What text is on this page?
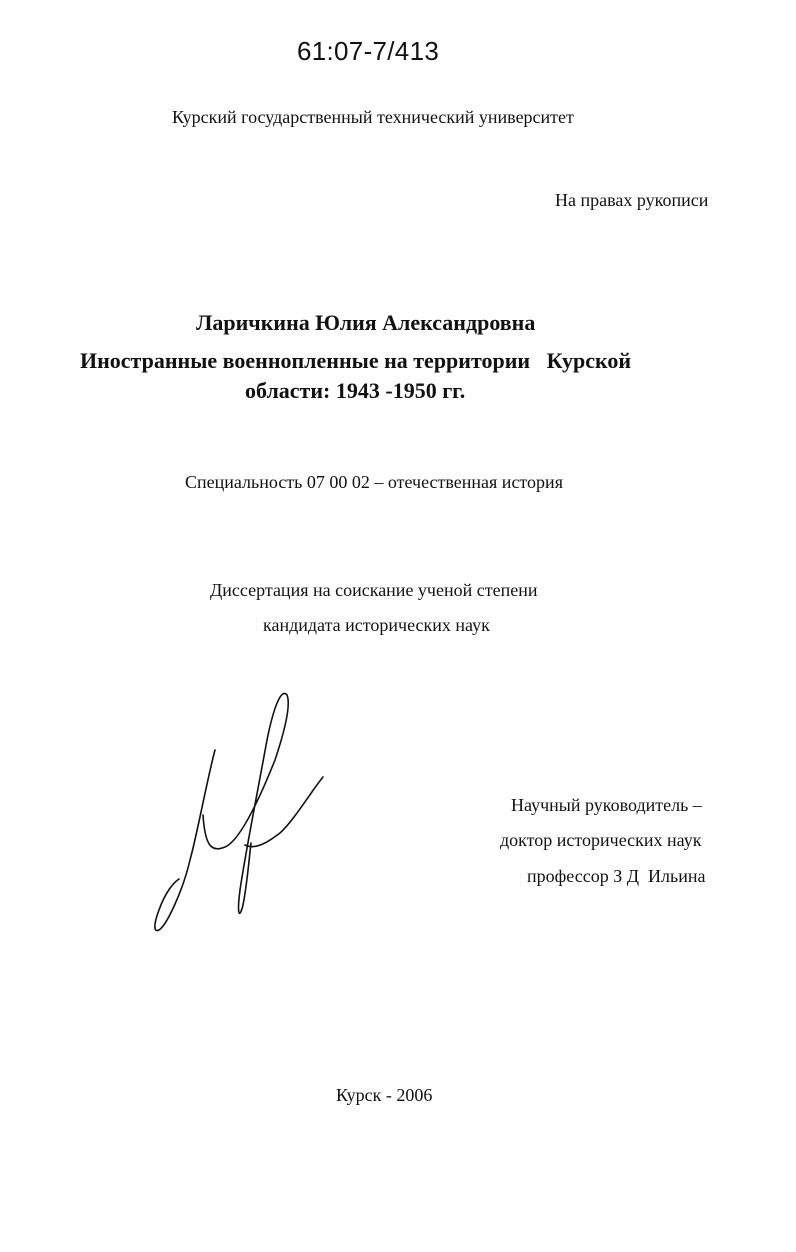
61:07-7/413
Курский государственный технический университет
На правах рукописи
Ларичкина Юлия Александровна
Иностранные военнопленные на территории   Курской
области: 1943 -1950 гг.
Специальность 07 00 02 – отечественная история
Диссертация на соискание ученой степени
кандидата исторических наук
Научный руководитель –
доктор исторических наук
профессор З Д  Ильина
Курск - 2006
